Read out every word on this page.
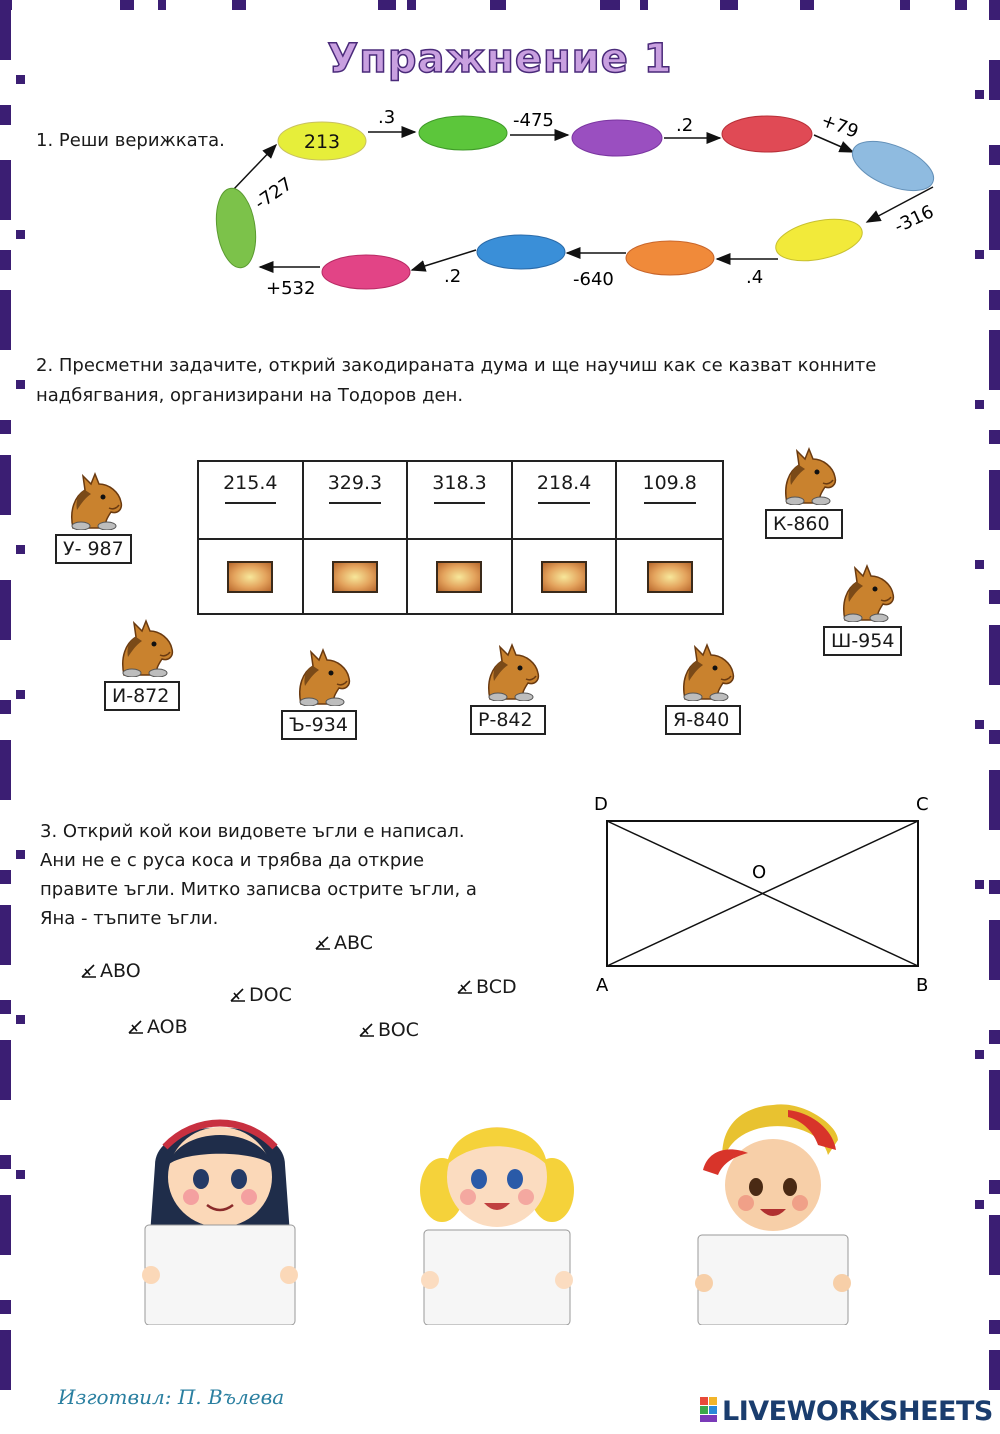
Упражнение 1
1. Реши верижката.	213
.3	-475	.2	+79
-316
.4
-640
.2
+532
-727
2. Пресметни задачите, открий закодираната дума и ще научиш как се казват конните
надбягвания, организирани на Тодоров ден.
215.4	329.3	318.3	218.4	109.8
У- 987
К-860
Ш-954
И-872
Ъ-934	Р-842	Я-840
3. Открий кой кои видовете ъгли е написал.
Ани не е с руса коса и трябва да открие
правите ъгли. Митко записва острите ъгли, а
Яна - тъпите ъгли.
ABC
ABO
DOC	BCD
AOB	BOC
D	C
A	B
O
Изготвил: П. Вълева	LIVEWORKSHEETS
